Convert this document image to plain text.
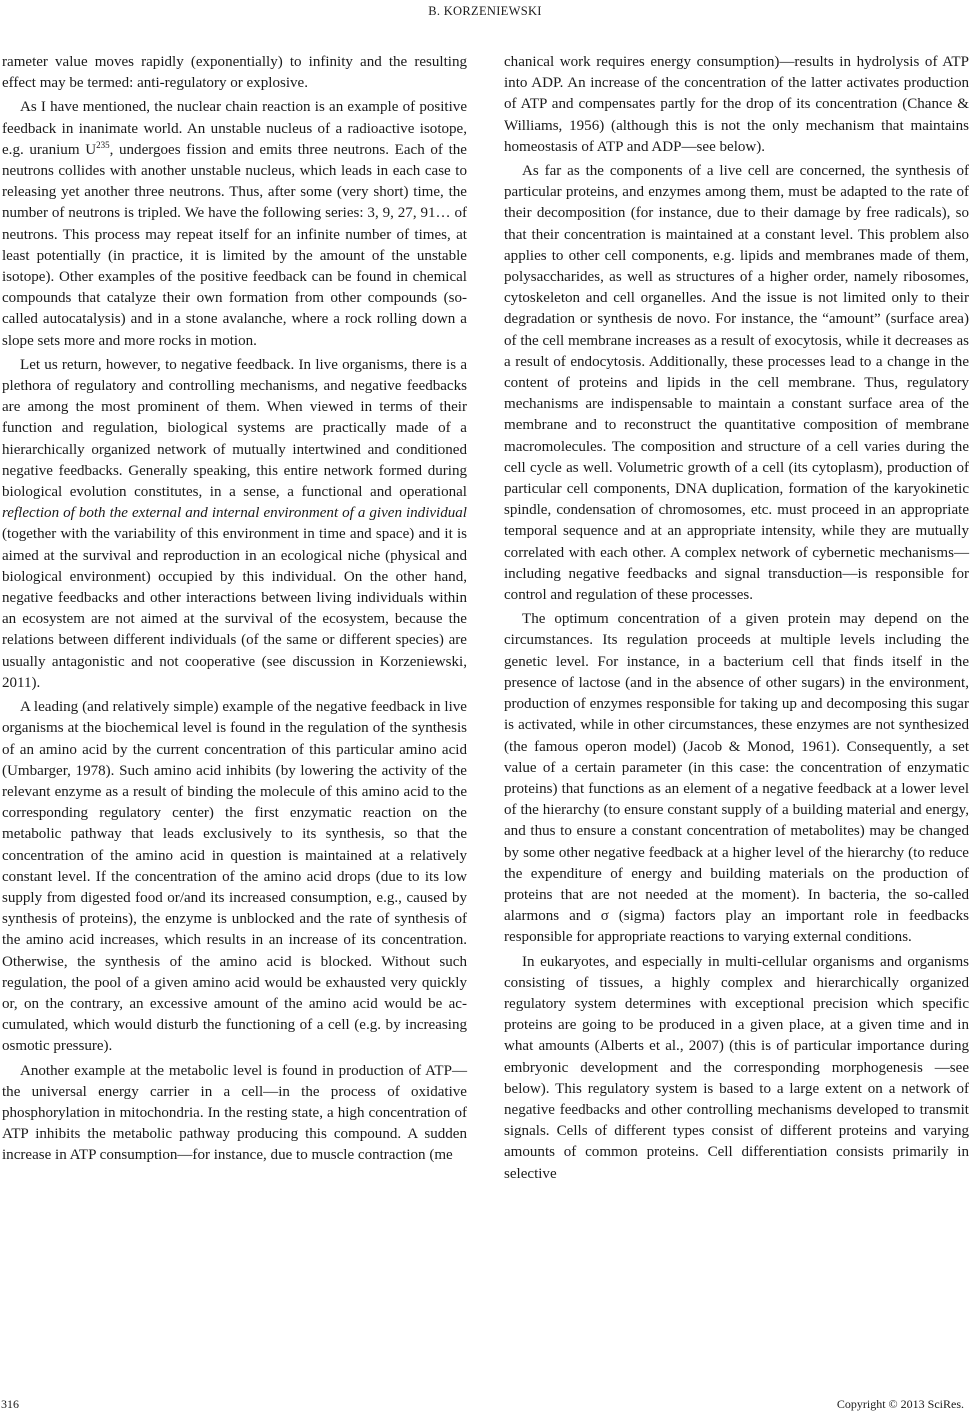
B. KORZENIEWSKI

rameter value moves rapidly (exponentially) to infinity and the resulting effect may be termed: anti-regulatory or explosive.

As I have mentioned, the nuclear chain reaction is an example of positive feedback in inanimate world. An unstable nucleus of a radioactive isotope, e.g. uranium $U^{235}$, undergoes fission and emits three neutrons. Each of the neutrons collides with another unstable nucleus, which leads in each case to releasing yet another three neutrons. Thus, after some (very short) time, the number of neutrons is tripled. We have the following series: 3, 9, 27, 91… of neutrons. This process may repeat itself for an infinite number of times, at least potentially (in practice, it is limited by the amount of the unstable isotope). Other examples of the positive feedback can be found in chemical compounds that catalyze their own formation from other compounds (so-called autocatalysis) and in a stone avalanche, where a rock rolling down a slope sets more and more rocks in motion.

Let us return, however, to negative feedback. In live organisms, there is a plethora of regulatory and controlling mechanisms, and negative feedbacks are among the most prominent of them. When viewed in terms of their function and regulation, biological systems are practically made of a hierarchically organized network of mutually intertwined and conditioned negative feedbacks. Generally speaking, this entire network formed during biological evolution constitutes, in a sense, a functional and operational reflection of both the external and internal environment of a given individual (together with the variability of this environment in time and space) and it is aimed at the survival and reproduction in an ecological niche (physical and biological environment) occupied by this individual. On the other hand, negative feedbacks and other interactions between living individuals within an ecosystem are not aimed at the survival of the ecosystem, because the relations between different individuals (of the same or different species) are usually antagonistic and not cooperative (see discussion in Korzeniewski, 2011).

A leading (and relatively simple) example of the negative feedback in live organisms at the biochemical level is found in the regulation of the synthesis of an amino acid by the current concentration of this particular amino acid (Umbarger, 1978). Such amino acid inhibits (by lowering the activity of the relevant enzyme as a result of binding the molecule of this amino acid to the corresponding regulatory center) the first enzymatic reaction on the metabolic pathway that leads exclusively to its synthesis, so that the concentration of the amino acid in question is maintained at a relatively constant level. If the concentration of the amino acid drops (due to its low supply from digested food or/and its increased consumption, e.g., caused by synthesis of proteins), the enzyme is unblocked and the rate of synthesis of the amino acid increases, which results in an increase of its concentration. Otherwise, the synthesis of the amino acid is blocked. Without such regulation, the pool of a given amino acid would be exhausted very quickly or, on the contrary, an excessive amount of the amino acid would be accumulated, which would disturb the functioning of a cell (e.g. by increasing osmotic pressure).

Another example at the metabolic level is found in production of ATP—the universal energy carrier in a cell—in the process of oxidative phosphorylation in mitochondria. In the resting state, a high concentration of ATP inhibits the metabolic pathway producing this compound. A sudden increase in ATP consumption—for instance, due to muscle contraction (me

chanical work requires energy consumption)—results in hydrolysis of ATP into ADP. An increase of the concentration of the latter activates production of ATP and compensates partly for the drop of its concentration (Chance & Williams, 1956) (although this is not the only mechanism that maintains homeostasis of ATP and ADP—see below).

As far as the components of a live cell are concerned, the synthesis of particular proteins, and enzymes among them, must be adapted to the rate of their decomposition (for instance, due to their damage by free radicals), so that their concentration is maintained at a constant level. This problem also applies to other cell components, e.g. lipids and membranes made of them, polysaccharides, as well as structures of a higher order, namely ribosomes, cytoskeleton and cell organelles. And the issue is not limited only to their degradation or synthesis de novo. For instance, the “amount” (surface area) of the cell membrane increases as a result of exocytosis, while it decreases as a result of endocytosis. Additionally, these processes lead to a change in the content of proteins and lipids in the cell membrane. Thus, regulatory mechanisms are indispensable to maintain a constant surface area of the membrane and to reconstruct the quantitative composition of membrane macromolecules. The composition and structure of a cell varies during the cell cycle as well. Volumetric growth of a cell (its cytoplasm), production of particular cell components, DNA duplication, formation of the karyokinetic spindle, condensation of chromosomes, etc. must proceed in an appropriate temporal sequence and at an appropriate intensity, while they are mutually correlated with each other. A complex network of cybernetic mechanisms—including negative feedbacks and signal transduction—is responsible for control and regulation of these processes.

The optimum concentration of a given protein may depend on the circumstances. Its regulation proceeds at multiple levels including the genetic level. For instance, in a bacterium cell that finds itself in the presence of lactose (and in the absence of other sugars) in the environment, production of enzymes responsible for taking up and decomposing this sugar is activated, while in other circumstances, these enzymes are not synthesized (the famous operon model) (Jacob & Monod, 1961). Consequently, a set value of a certain parameter (in this case: the concentration of enzymatic proteins) that functions as an element of a negative feedback at a lower level of the hierarchy (to ensure constant supply of a building material and energy, and thus to ensure a constant concentration of metabolites) may be changed by some other negative feedback at a higher level of the hierarchy (to reduce the expenditure of energy and building materials on the production of proteins that are not needed at the moment). In bacteria, the so-called alarmons and σ (sigma) factors play an important role in feedbacks responsible for appropriate reactions to varying external conditions.

In eukaryotes, and especially in multi-cellular organisms and organisms consisting of tissues, a highly complex and hierarchically organized regulatory system determines with exceptional precision which specific proteins are going to be produced in a given place, at a given time and in what amounts (Alberts et al., 2007) (this is of particular importance during embryonic development and the corresponding morphogenesis —see below). This regulatory system is based to a large extent on a network of negative feedbacks and other controlling mechanisms developed to transmit signals. Cells of different types consist of different proteins and varying amounts of common proteins. Cell differentiation consists primarily in selective

316	Copyright © 2013 SciRes.
